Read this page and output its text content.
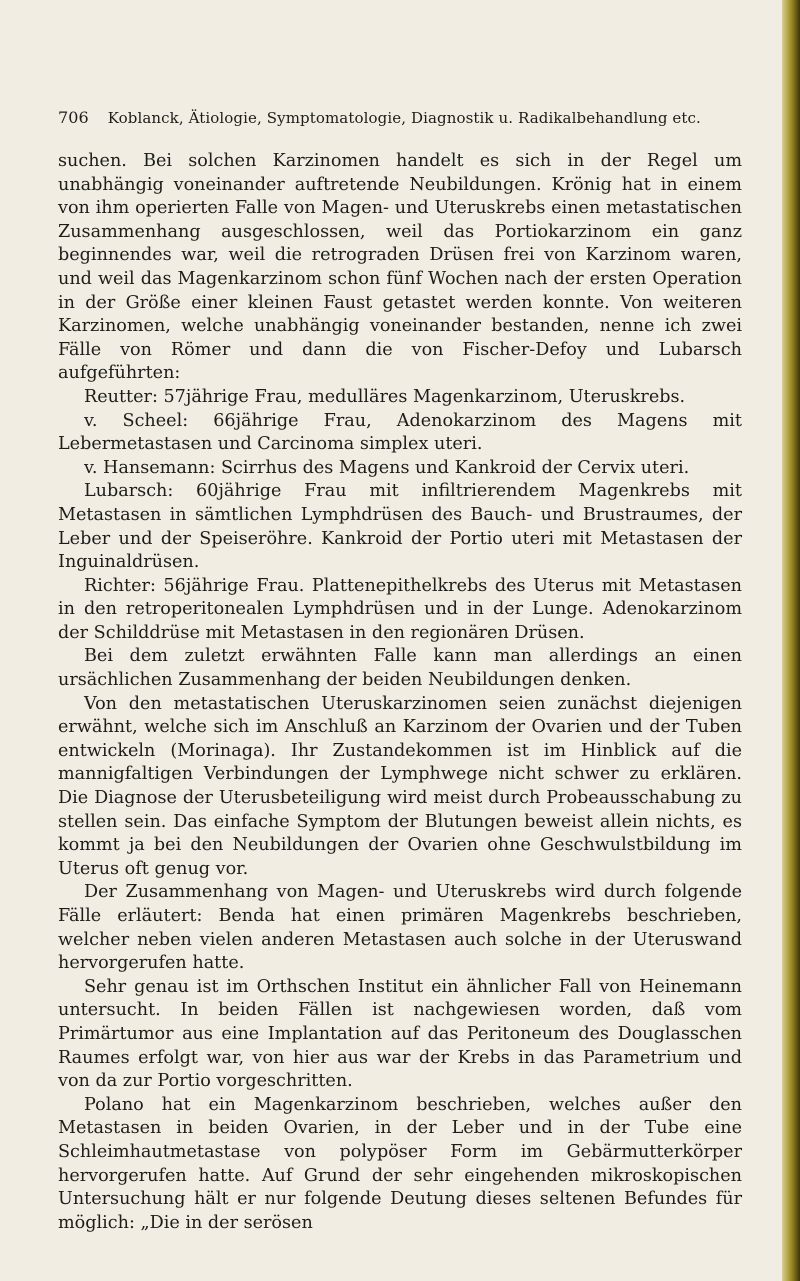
706 Koblanck, Ätiologie, Symptomatologie, Diagnostik u. Radikalbehandlung etc.

suchen. Bei solchen Karzinomen handelt es sich in der Regel um unabhängig voneinander auftretende Neubildungen. Krönig hat in einem von ihm operierten Falle von Magen- und Uteruskrebs einen metastatischen Zusammenhang ausgeschlossen, weil das Portiokarzinom ein ganz beginnendes war, weil die retrograden Drüsen frei von Karzinom waren, und weil das Magenkarzinom schon fünf Wochen nach der ersten Operation in der Größe einer kleinen Faust getastet werden konnte. Von weiteren Karzinomen, welche unabhängig voneinander bestanden, nenne ich zwei Fälle von Römer und dann die von Fischer-Defoy und Lubarsch aufgeführten:

Reutter: 57jährige Frau, medulläres Magenkarzinom, Uteruskrebs.

v. Scheel: 66jährige Frau, Adenokarzinom des Magens mit Lebermetastasen und Carcinoma simplex uteri.

v. Hansemann: Scirrhus des Magens und Kankroid der Cervix uteri.

Lubarsch: 60jährige Frau mit infiltrierendem Magenkrebs mit Metastasen in sämtlichen Lymphdrüsen des Bauch- und Brustraumes, der Leber und der Speiseröhre. Kankroid der Portio uteri mit Metastasen der Inguinaldrüsen.

Richter: 56jährige Frau. Plattenepithelkrebs des Uterus mit Metastasen in den retroperitonealen Lymphdrüsen und in der Lunge. Adenokarzinom der Schilddrüse mit Metastasen in den regionären Drüsen.

Bei dem zuletzt erwähnten Falle kann man allerdings an einen ursächlichen Zusammenhang der beiden Neubildungen denken.

Von den metastatischen Uteruskarzinomen seien zunächst diejenigen erwähnt, welche sich im Anschluß an Karzinom der Ovarien und der Tuben entwickeln (Morinaga). Ihr Zustandekommen ist im Hinblick auf die mannigfaltigen Verbindungen der Lymphwege nicht schwer zu erklären. Die Diagnose der Uterusbeteiligung wird meist durch Probeausschabung zu stellen sein. Das einfache Symptom der Blutungen beweist allein nichts, es kommt ja bei den Neubildungen der Ovarien ohne Geschwulstbildung im Uterus oft genug vor.

Der Zusammenhang von Magen- und Uteruskrebs wird durch folgende Fälle erläutert: Benda hat einen primären Magenkrebs beschrieben, welcher neben vielen anderen Metastasen auch solche in der Uteruswand hervorgerufen hatte.

Sehr genau ist im Orthschen Institut ein ähnlicher Fall von Heinemann untersucht. In beiden Fällen ist nachgewiesen worden, daß vom Primärtumor aus eine Implantation auf das Peritoneum des Douglasschen Raumes erfolgt war, von hier aus war der Krebs in das Parametrium und von da zur Portio vorgeschritten.

Polano hat ein Magenkarzinom beschrieben, welches außer den Metastasen in beiden Ovarien, in der Leber und in der Tube eine Schleimhautmetastase von polypöser Form im Gebärmutterkörper hervorgerufen hatte. Auf Grund der sehr eingehenden mikroskopischen Untersuchung hält er nur folgende Deutung dieses seltenen Befundes für möglich: „Die in der serösen
